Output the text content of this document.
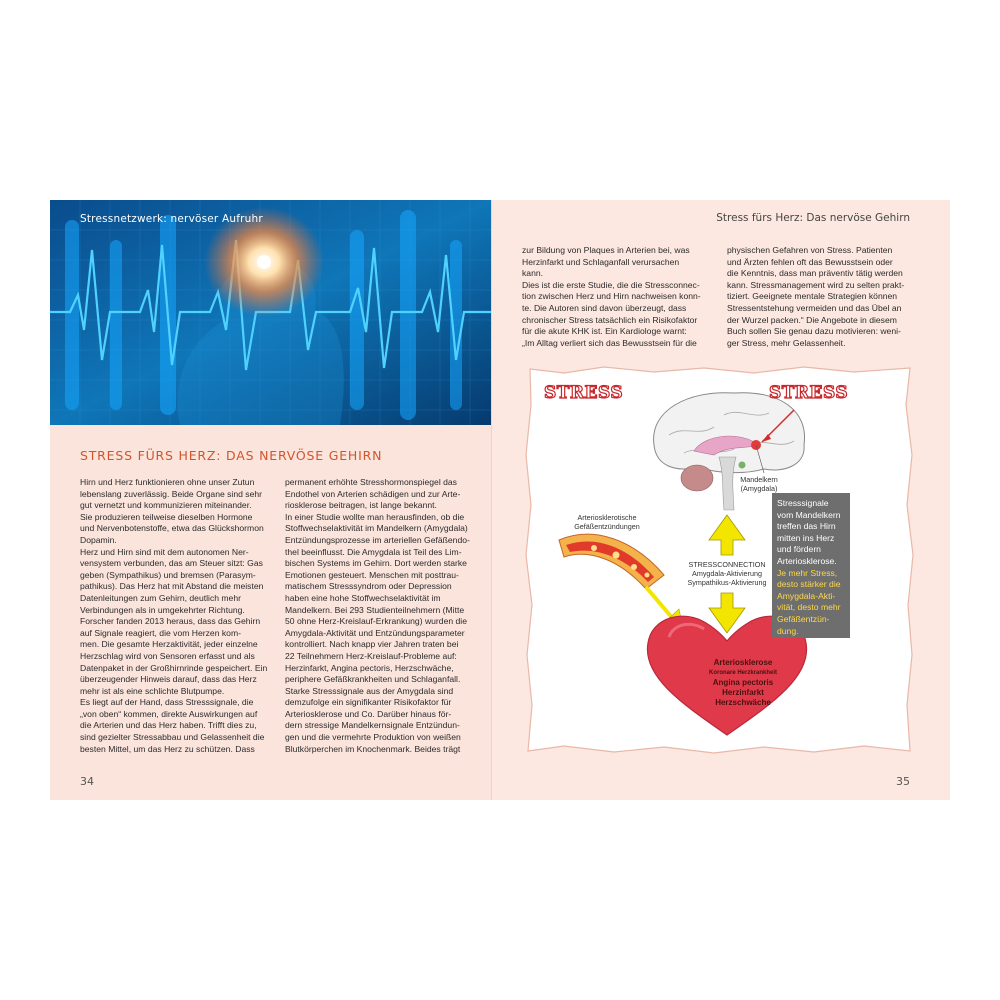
Stressnetzwerk: nervöser Aufruhr
STRESS FÜRS HERZ: DAS NERVÖSE GEHIRN
Hirn und Herz funktionieren ohne unser Zutun
lebenslang zuverlässig. Beide Organe sind sehr
gut vernetzt und kommunizieren miteinander.
Sie produzieren teilweise dieselben Hormone
und Nervenbotenstoffe, etwa das Glückshormon
Dopamin.
Herz und Hirn sind mit dem autonomen Ner-
vensystem verbunden, das am Steuer sitzt: Gas
geben (Sympathikus) und bremsen (Parasym-
pathikus). Das Herz hat mit Abstand die meisten
Datenleitungen zum Gehirn, deutlich mehr
Verbindungen als in umgekehrter Richtung.
Forscher fanden 2013 heraus, dass das Gehirn
auf Signale reagiert, die vom Herzen kom-
men. Die gesamte Herzaktivität, jeder einzelne
Herzschlag wird von Sensoren erfasst und als
Datenpaket in der Großhirnrinde gespeichert. Ein
überzeugender Hinweis darauf, dass das Herz
mehr ist als eine schlichte Blutpumpe.
Es liegt auf der Hand, dass Stresssignale, die
„von oben“ kommen, direkte Auswirkungen auf
die Arterien und das Herz haben. Trifft dies zu,
sind gezielter Stressabbau und Gelassenheit die
besten Mittel, um das Herz zu schützen. Dass
permanent erhöhte Stresshormonspiegel das
Endothel von Arterien schädigen und zur Arte-
riosklerose beitragen, ist lange bekannt.
In einer Studie wollte man herausfinden, ob die
Stoffwechselaktivität im Mandelkern (Amygdala)
Entzündungsprozesse im arteriellen Gefäßendo-
thel beeinflusst. Die Amygdala ist Teil des Lim-
bischen Systems im Gehirn. Dort werden starke
Emotionen gesteuert. Menschen mit posttrau-
matischem Stresssyndrom oder Depression
haben eine hohe Stoffwechselaktivität im
Mandelkern. Bei 293 Studienteilnehmern (Mitte
50 ohne Herz-Kreislauf-Erkrankung) wurden die
Amygdala-Aktivität und Entzündungsparameter
kontrolliert. Nach knapp vier Jahren traten bei
22 Teilnehmern Herz-Kreislauf-Probleme auf:
Herzinfarkt, Angina pectoris, Herzschwäche,
periphere Gefäßkrankheiten und Schlaganfall.
Starke Stresssignale aus der Amygdala sind
demzufolge ein signifikanter Risikofaktor für
Arteriosklerose und Co. Darüber hinaus för-
dern stressige Mandelkernsignale Entzündun-
gen und die vermehrte Produktion von weißen
Blutkörperchen im Knochenmark. Beides trägt
34
Stress fürs Herz: Das nervöse Gehirn
zur Bildung von Plaques in Arterien bei, was
Herzinfarkt und Schlaganfall verursachen
kann.
Dies ist die erste Studie, die die Stressconnec-
tion zwischen Herz und Hirn nachweisen konn-
te. Die Autoren sind davon überzeugt, dass
chronischer Stress tatsächlich ein Risikofaktor
für die akute KHK ist. Ein Kardiologe warnt:
„Im Alltag verliert sich das Bewusstsein für die
physischen Gefahren von Stress. Patienten
und Ärzten fehlen oft das Bewusstsein oder
die Kenntnis, dass man präventiv tätig werden
kann. Stressmanagement wird zu selten prakt-
tiziert. Geeignete mentale Strategien können
Stressentstehung vermeiden und das Übel an
der Wurzel packen.“ Die Angebote in diesem
Buch sollen Sie genau dazu motivieren: weni-
ger Stress, mehr Gelassenheit.
STRESS	STRESS
Mandelkern
(Amygdala)
Arteriosklerotische
Gefäßentzündungen
STRESSCONNECTION
Amygdala-Aktivierung
Sympathikus-Aktivierung
Arteriosklerose
Koronare Herzkrankheit
Angina pectoris
Herzinfarkt
Herzschwäche
35
Stresssignale
vom Mandelkern
treffen das Hirn
mitten ins Herz
und fördern
Arteriosklerose.
Je mehr Stress,
desto stärker die
Amygdala-Akti-
vität, desto mehr
Gefäßentzün-
dung.
